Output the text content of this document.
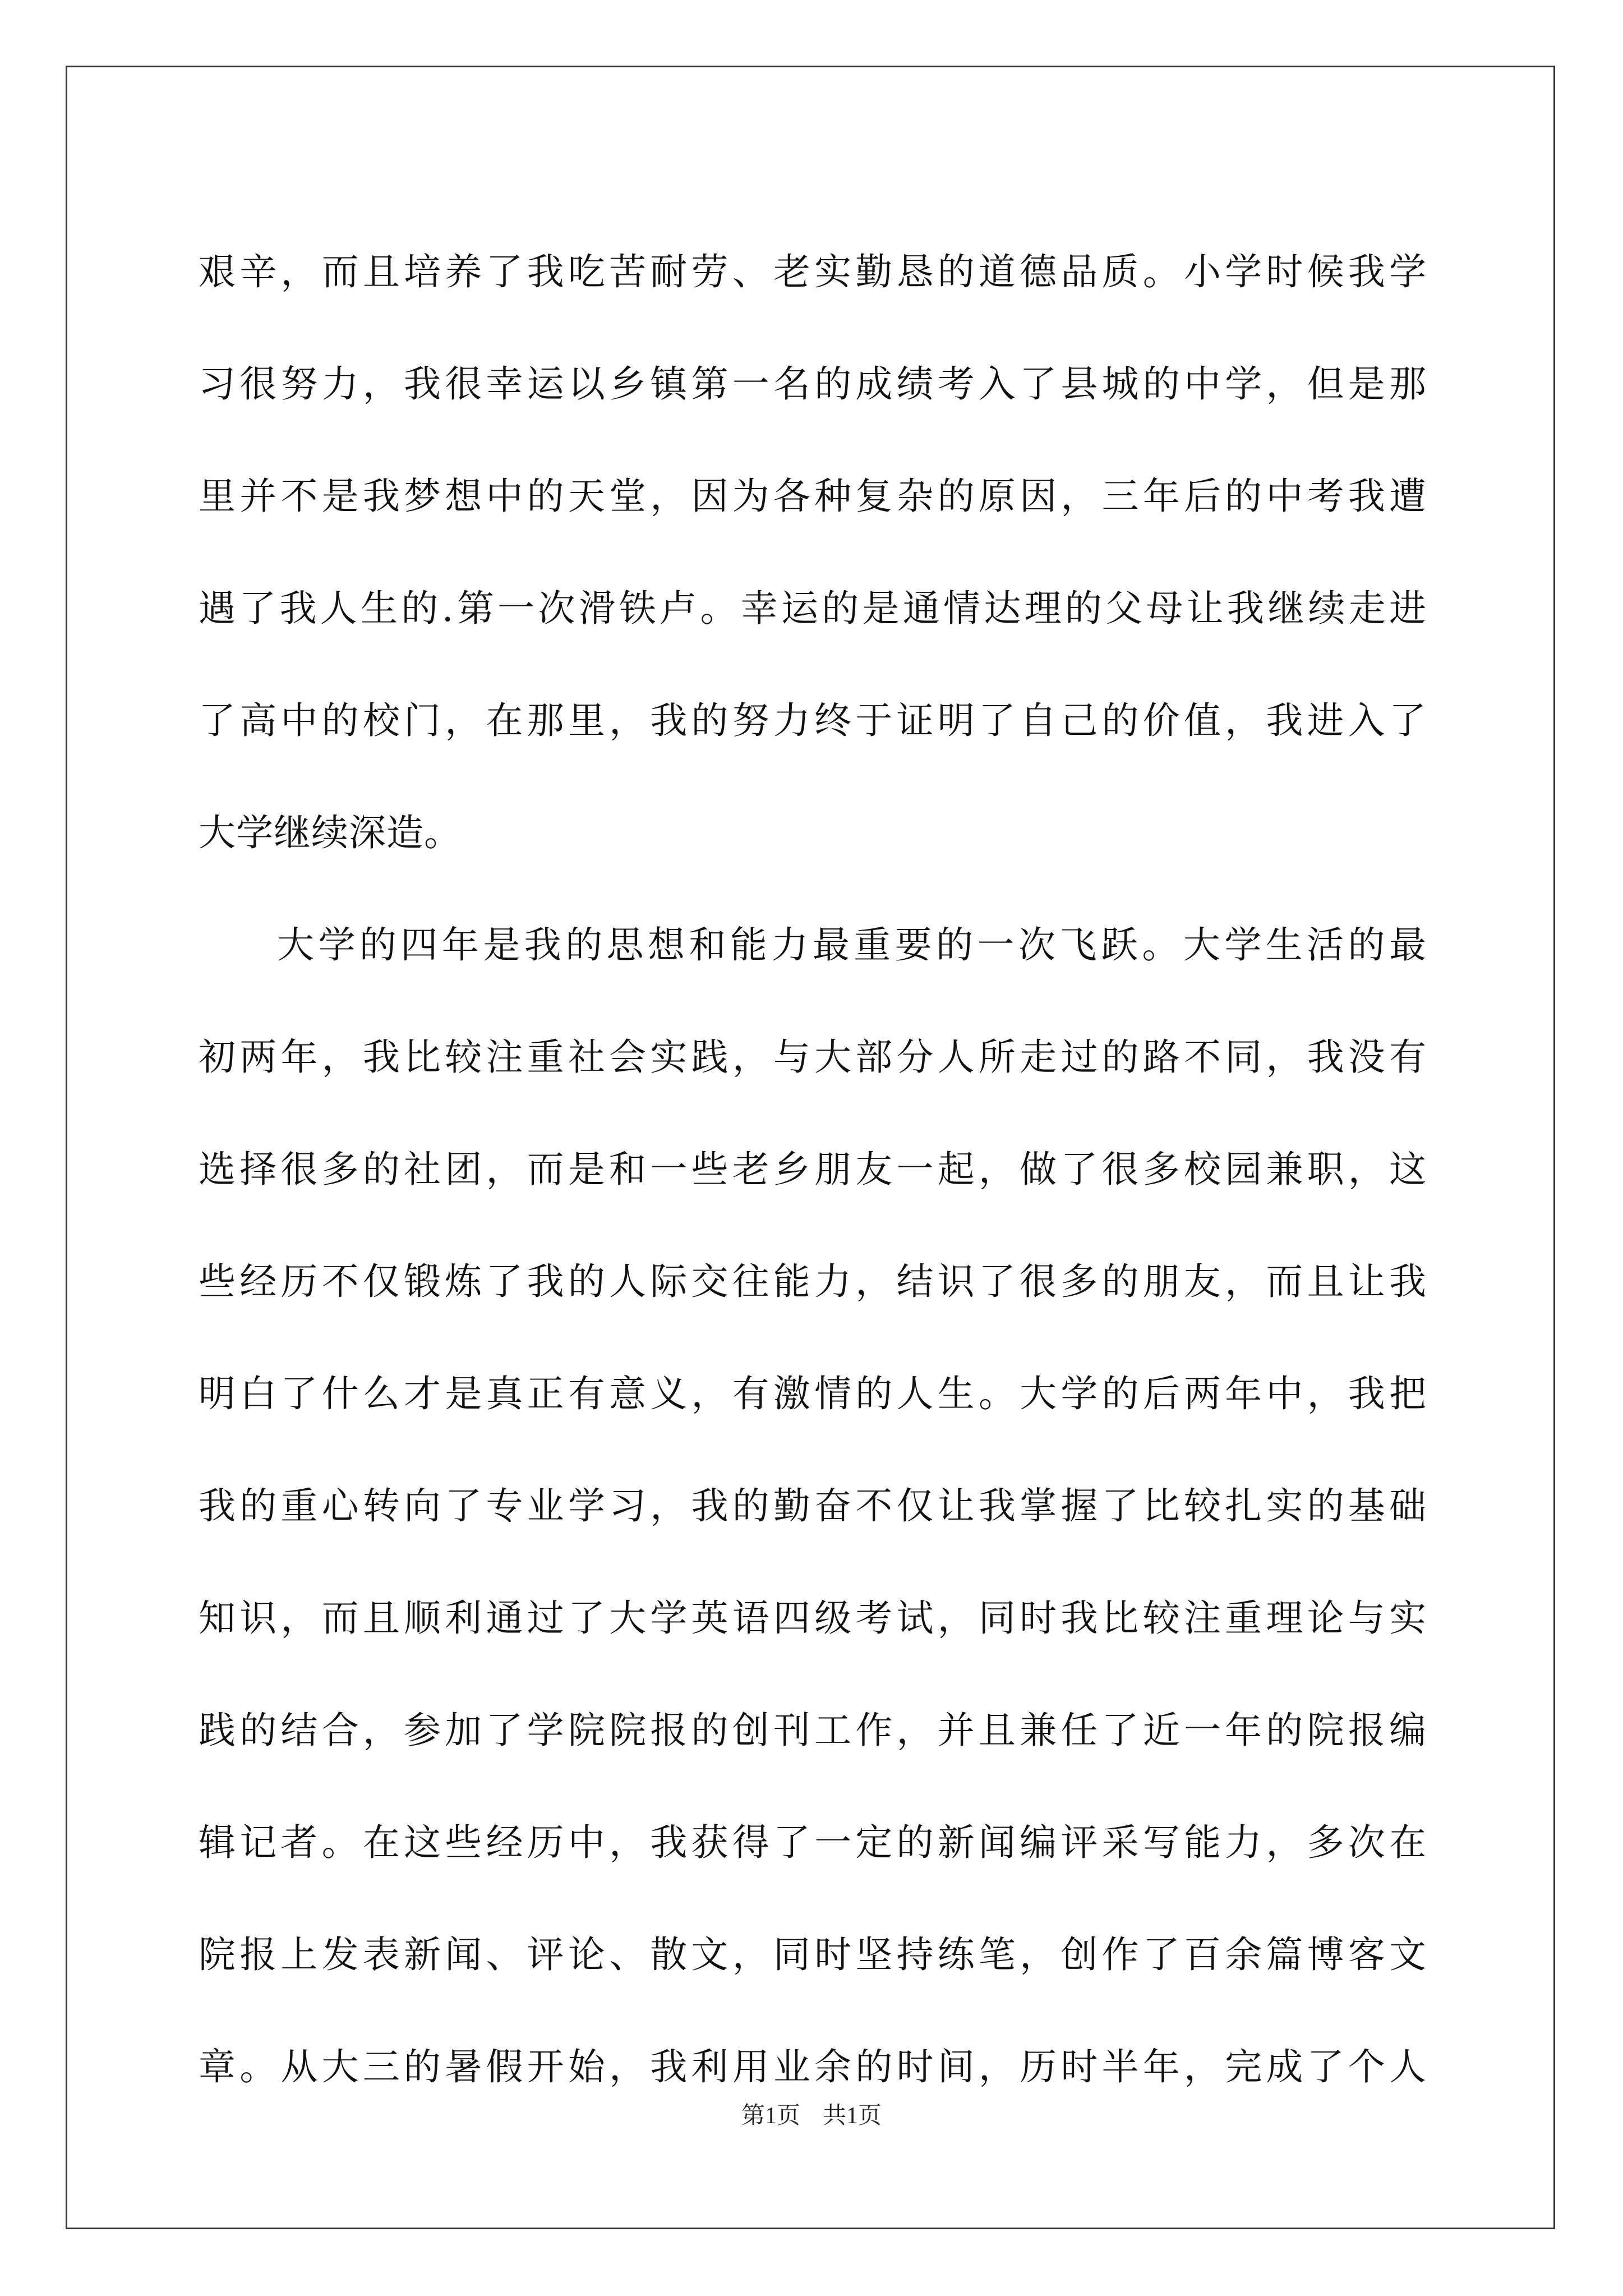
艰辛，而且培养了我吃苦耐劳、老实勤恳的道德品质。小学时候我学
习很努力，我很幸运以乡镇第一名的成绩考入了县城的中学，但是那
里并不是我梦想中的天堂，因为各种复杂的原因，三年后的中考我遭
遇了我人生的.第一次滑铁卢。幸运的是通情达理的父母让我继续走进
了高中的校门，在那里，我的努力终于证明了自己的价值，我进入了
大学继续深造。
大学的四年是我的思想和能力最重要的一次飞跃。大学生活的最
初两年，我比较注重社会实践，与大部分人所走过的路不同，我没有
选择很多的社团，而是和一些老乡朋友一起，做了很多校园兼职，这
些经历不仅锻炼了我的人际交往能力，结识了很多的朋友，而且让我
明白了什么才是真正有意义，有激情的人生。大学的后两年中，我把
我的重心转向了专业学习，我的勤奋不仅让我掌握了比较扎实的基础
知识，而且顺利通过了大学英语四级考试，同时我比较注重理论与实
践的结合，参加了学院院报的创刊工作，并且兼任了近一年的院报编
辑记者。在这些经历中，我获得了一定的新闻编评采写能力，多次在
院报上发表新闻、评论、散文，同时坚持练笔，创作了百余篇博客文
章。从大三的暑假开始，我利用业余的时间，历时半年，完成了个人
第1页 共1页
